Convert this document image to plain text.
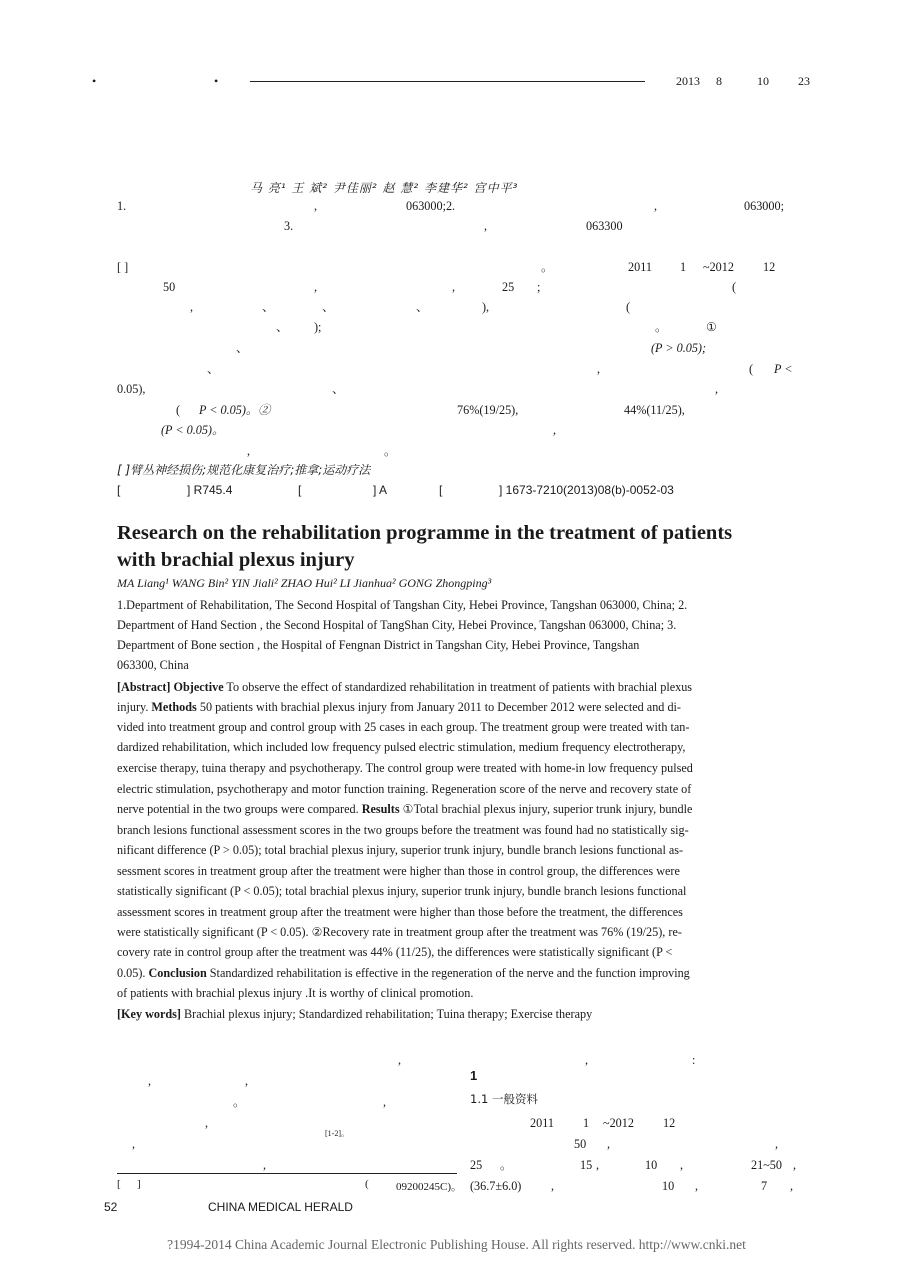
•	•	2013 8	10 23
马 亮¹ 王 斌² 尹佳丽² 赵 慧² 李建华² 宫中平³
1.	,	063000;2.	,	063000;
3.	,	063300
[ ]	。	2011 1 ~2012 12
50	,	,	25 ;	(
,	、	、	、	),	(
、 );	。	①
、	(P > 0.05);
、	,	( P <
0.05),	、	,
( P < 0.05)。②	76%(19/25),	44%(11/25),
(P < 0.05)。	,
,	。
[ ]臂丛神经损伤;规范化康复治疗;推拿;运动疗法
[	] R745.4	[	] A	[	] 1673-7210(2013)08(b)-0052-03
Research on the rehabilitation programme in the treatment of patients
with brachial plexus injury
MA Liang¹ WANG Bin² YIN Jiali² ZHAO Hui² LI Jianhua² GONG Zhongping³
1.Department of Rehabilitation, The Second Hospital of Tangshan City, Hebei Province, Tangshan 063000, China; 2.
Department of Hand Section , the Second Hospital of TangShan City, Hebei Province, Tangshan 063000, China; 3.
Department of Bone section , the Hospital of Fengnan District in Tangshan City, Hebei Province, Tangshan
063300, China
[Abstract] Objective To observe the effect of standardized rehabilitation in treatment of patients with brachial plexus
injury. Methods 50 patients with brachial plexus injury from January 2011 to December 2012 were selected and di-
vided into treatment group and control group with 25 cases in each group. The treatment group were treated with tan-
dardized rehabilitation, which included low frequency pulsed electric stimulation, medium frequency electrotherapy,
exercise therapy, tuina therapy and psychotherapy. The control group were treated with home-in low frequency pulsed
electric stimulation, psychotherapy and motor function training. Regeneration score of the nerve and recovery state of
nerve potential in the two groups were compared. Results ①Total brachial plexus injury, superior trunk injury, bundle
branch lesions functional assessment scores in the two groups before the treatment was found had no statistically sig-
nificant difference (P > 0.05); total brachial plexus injury, superior trunk injury, bundle branch lesions functional as-
sessment scores in treatment group after the treatment were higher than those in control group, the differences were
statistically significant (P < 0.05); total brachial plexus injury, superior trunk injury, bundle branch lesions functional
assessment scores in treatment group after the treatment were higher than those before the treatment, the differences
were statistically significant (P < 0.05). ②Recovery rate in treatment group after the treatment was 76% (19/25), re-
covery rate in control group after the treatment was 44% (11/25), the differences were statistically significant (P <
0.05). Conclusion Standardized rehabilitation is effective in the regeneration of the nerve and the function improving
of patients with brachial plexus injury .It is worthy of clinical promotion.
[Key words] Brachial plexus injury; Standardized rehabilitation; Tuina therapy; Exercise therapy
,
,	,
。	,
,
,
[1-2]。
,
,	:
1
1.1 一般资料
2011 1 ~2012 12
50 ,	,
25 。	15 ,	10 ,	21~50 ,
(36.7±6.0) ,	10 ,	7 ,
[ ]	( 09200245C)。
52	CHINA MEDICAL HERALD
?1994-2014 China Academic Journal Electronic Publishing House. All rights reserved. http://www.cnki.net
